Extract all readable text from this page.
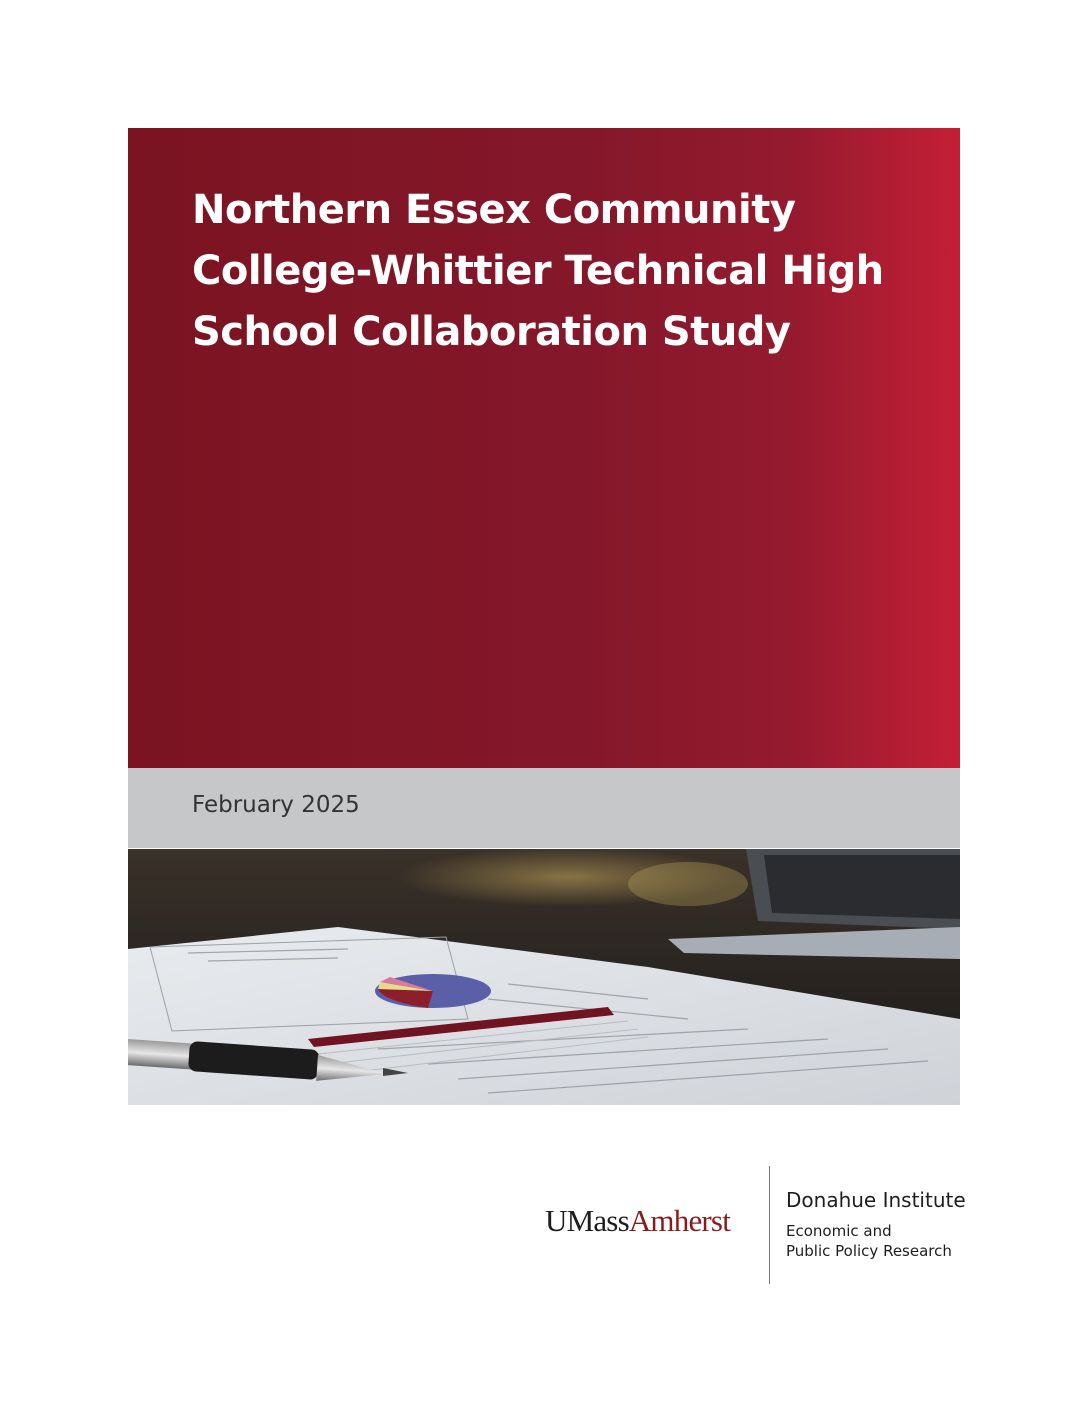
Northern Essex Community College-Whittier Technical High School Collaboration Study

February 2025

UMassAmherst
Donahue Institute
Economic and
Public Policy Research
